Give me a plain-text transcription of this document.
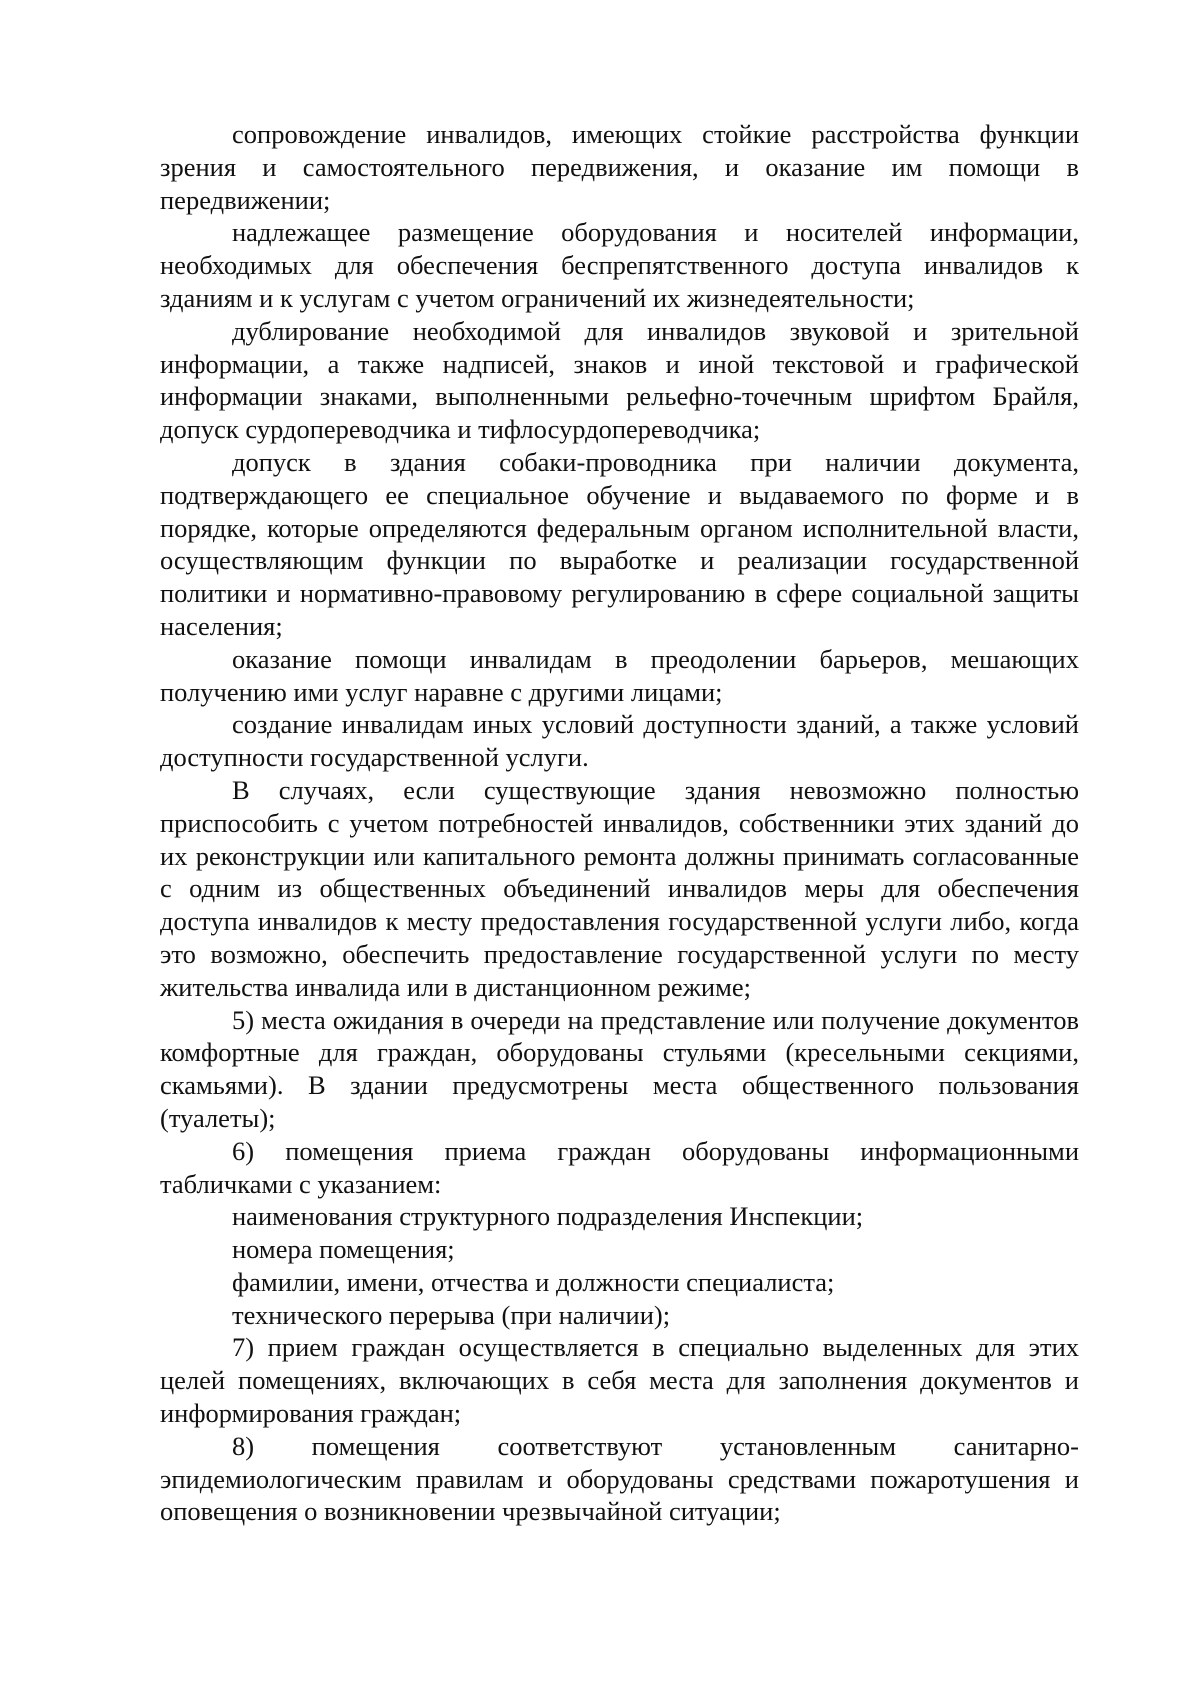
сопровождение инвалидов, имеющих стойкие расстройства функции зрения и самостоятельного передвижения, и оказание им помощи в передвижении;

надлежащее размещение оборудования и носителей информации, необходимых для обеспечения беспрепятственного доступа инвалидов к зданиям и к услугам с учетом ограничений их жизнедеятельности;

дублирование необходимой для инвалидов звуковой и зрительной информации, а также надписей, знаков и иной текстовой и графической информации знаками, выполненными рельефно-точечным шрифтом Брайля, допуск сурдопереводчика и тифлосурдопереводчика;

допуск в здания собаки-проводника при наличии документа, подтверждающего ее специальное обучение и выдаваемого по форме и в порядке, которые определяются федеральным органом исполнительной власти, осуществляющим функции по выработке и реализации государственной политики и нормативно-правовому регулированию в сфере социальной защиты населения;

оказание помощи инвалидам в преодолении барьеров, мешающих получению ими услуг наравне с другими лицами;

создание инвалидам иных условий доступности зданий, а также условий доступности государственной услуги.

В случаях, если существующие здания невозможно полностью приспособить с учетом потребностей инвалидов, собственники этих зданий до их реконструкции или капитального ремонта должны принимать согласованные с одним из общественных объединений инвалидов меры для обеспечения доступа инвалидов к месту предоставления государственной услуги либо, когда это возможно, обеспечить предоставление государственной услуги по месту жительства инвалида или в дистанционном режиме;

5) места ожидания в очереди на представление или получение документов комфортные для граждан, оборудованы стульями (кресельными секциями, скамьями). В здании предусмотрены места общественного пользования (туалеты);

6) помещения приема граждан оборудованы информационными табличками с указанием:

наименования структурного подразделения Инспекции;

номера помещения;

фамилии, имени, отчества и должности специалиста;

технического перерыва (при наличии);

7) прием граждан осуществляется в специально выделенных для этих целей помещениях, включающих в себя места для заполнения документов и информирования граждан;

8) помещения соответствуют установленным санитарно-эпидемиологическим правилам и оборудованы средствами пожаротушения и оповещения о возникновении чрезвычайной ситуации;
